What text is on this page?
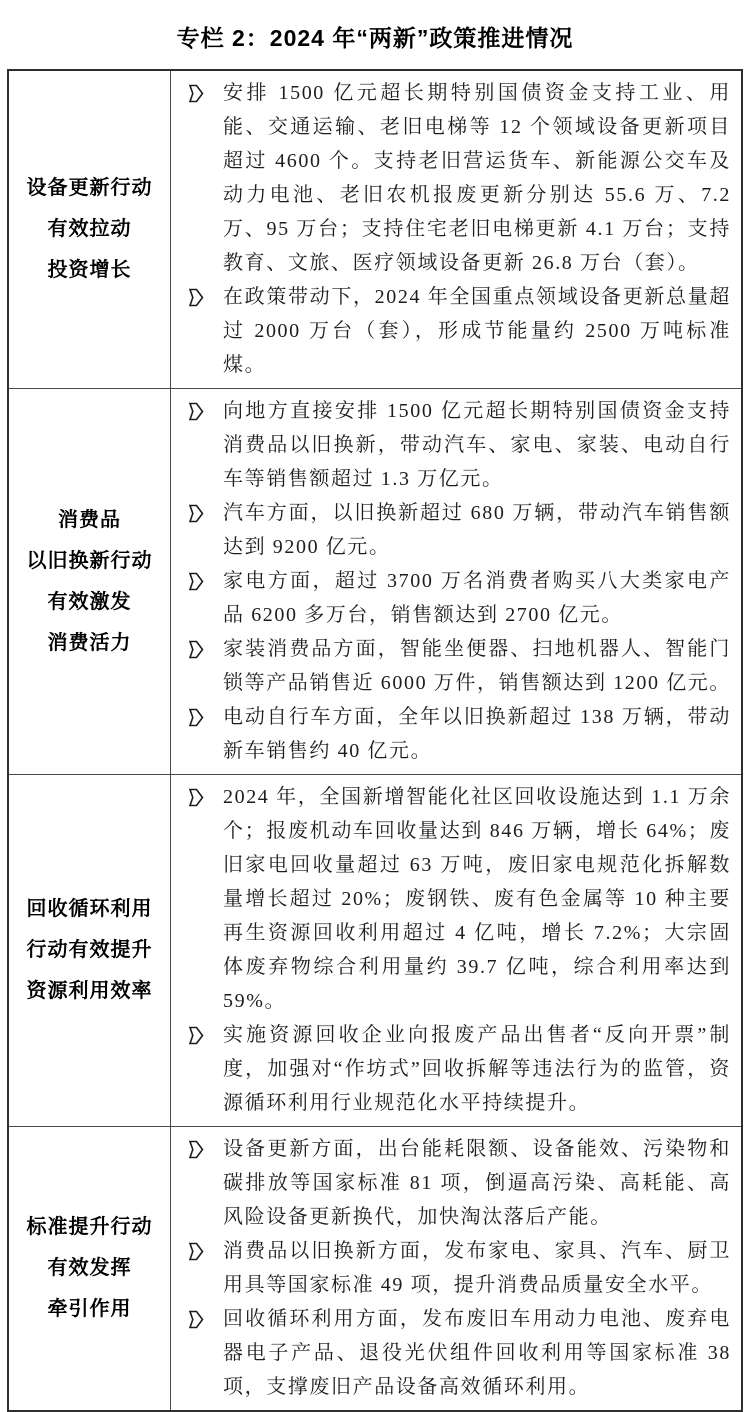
专栏 2：2024 年“两新”政策推进情况
设备更新行动
有效拉动
投资增长
安排 1500 亿元超长期特别国债资金支持工业、用能、交通运输、老旧电梯等 12 个领域设备更新项目超过 4600 个。支持老旧营运货车、新能源公交车及动力电池、老旧农机报废更新分别达 55.6 万、7.2 万、95 万台；支持住宅老旧电梯更新 4.1 万台；支持教育、文旅、医疗领域设备更新 26.8 万台（套）。
在政策带动下，2024 年全国重点领域设备更新总量超过 2000 万台（套），形成节能量约 2500 万吨标准煤。
消费品
以旧换新行动
有效激发
消费活力
向地方直接安排 1500 亿元超长期特别国债资金支持消费品以旧换新，带动汽车、家电、家装、电动自行车等销售额超过 1.3 万亿元。
汽车方面，以旧换新超过 680 万辆，带动汽车销售额达到 9200 亿元。
家电方面，超过 3700 万名消费者购买八大类家电产品 6200 多万台，销售额达到 2700 亿元。
家装消费品方面，智能坐便器、扫地机器人、智能门锁等产品销售近 6000 万件，销售额达到 1200 亿元。
电动自行车方面，全年以旧换新超过 138 万辆，带动新车销售约 40 亿元。
回收循环利用
行动有效提升
资源利用效率
2024 年，全国新增智能化社区回收设施达到 1.1 万余个；报废机动车回收量达到 846 万辆，增长 64%；废旧家电回收量超过 63 万吨，废旧家电规范化拆解数量增长超过 20%；废钢铁、废有色金属等 10 种主要再生资源回收利用超过 4 亿吨，增长 7.2%；大宗固体废弃物综合利用量约 39.7 亿吨，综合利用率达到 59%。
实施资源回收企业向报废产品出售者“反向开票”制度，加强对“作坊式”回收拆解等违法行为的监管，资源循环利用行业规范化水平持续提升。
标准提升行动
有效发挥
牵引作用
设备更新方面，出台能耗限额、设备能效、污染物和碳排放等国家标准 81 项，倒逼高污染、高耗能、高风险设备更新换代，加快淘汰落后产能。
消费品以旧换新方面，发布家电、家具、汽车、厨卫用具等国家标准 49 项，提升消费品质量安全水平。
回收循环利用方面，发布废旧车用动力电池、废弃电器电子产品、退役光伏组件回收利用等国家标准 38 项，支撑废旧产品设备高效循环利用。
